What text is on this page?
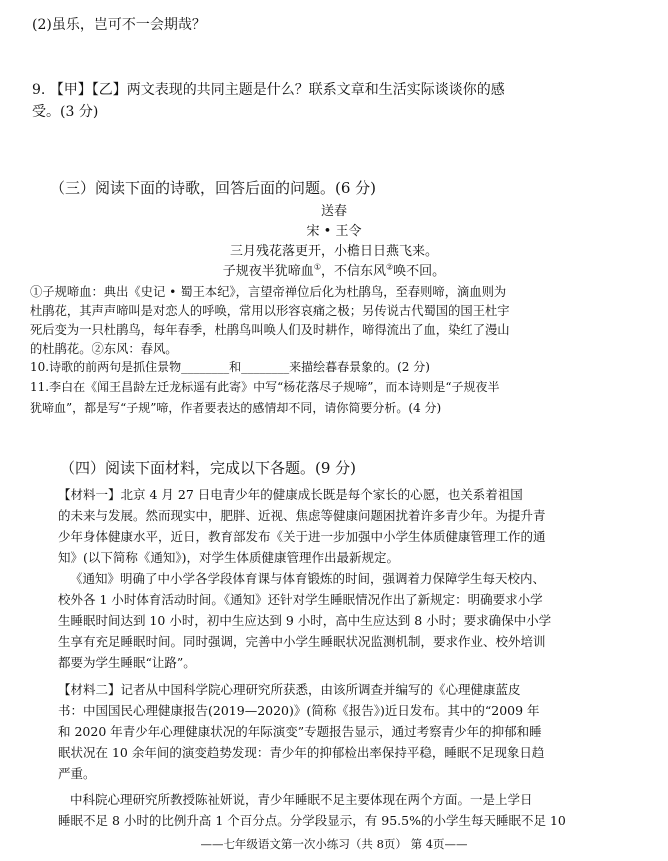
(2)虽乐，岂可不一会期哉？
9. 【甲】【乙】两文表现的共同主题是什么？联系文章和生活实际谈谈你的感
受。(3 分)
（三）阅读下面的诗歌，回答后面的问题。(6 分)
送春
宋 • 王令
三月残花落更开，小檐日日燕飞来。
子规夜半犹啼血①，不信东风②唤不回。
①子规啼血：典出《史记 • 蜀王本纪》，言望帝禅位后化为杜鹃鸟，至春则啼，滴血则为
杜鹃花，其声声啼叫是对恋人的呼唤，常用以形容哀痛之极；另传说古代蜀国的国王杜宇
死后变为一只杜鹃鸟，每年春季，杜鹃鸟叫唤人们及时耕作，啼得流出了血，染红了漫山
的杜鹃花。②东风：春风。
10.诗歌的前两句是抓住景物________和________来描绘暮春景象的。(2 分)
11.李白在《闻王昌龄左迁龙标遥有此寄》中写“杨花落尽子规啼”，而本诗则是“子规夜半
犹啼血”，都是写“子规”啼，作者要表达的感情却不同，请你简要分析。(4 分)
（四）阅读下面材料，完成以下各题。(9 分)
【材料一】北京 4 月 27 日电青少年的健康成长既是每个家长的心愿，也关系着祖国
的未来与发展。然而现实中，肥胖、近视、焦虑等健康问题困扰着许多青少年。为提升青
少年身体健康水平，近日，教育部发布《关于进一步加强中小学生体质健康管理工作的通
知》(以下简称《通知》)，对学生体质健康管理作出最新规定。
《通知》明确了中小学各学段体育课与体育锻炼的时间，强调着力保障学生每天校内、
校外各 1 小时体育活动时间。《通知》还针对学生睡眠情况作出了新规定：明确要求小学
生睡眠时间达到 10 小时，初中生应达到 9 小时，高中生应达到 8 小时；要求确保中小学
生享有充足睡眠时间。同时强调，完善中小学生睡眠状况监测机制，要求作业、校外培训
都要为学生睡眠“让路”。
【材料二】记者从中国科学院心理研究所获悉，由该所调查并编写的《心理健康蓝皮
书：中国国民心理健康报告(2019—2020)》(简称《报告》)近日发布。其中的“2009 年
和 2020 年青少年心理健康状况的年际演变”专题报告显示，通过考察青少年的抑郁和睡
眠状况在 10 余年间的演变趋势发现：青少年的抑郁检出率保持平稳，睡眠不足现象日趋
严重。
中科院心理研究所教授陈祉妍说，青少年睡眠不足主要体现在两个方面。一是上学日
睡眠不足 8 小时的比例升高 1 个百分点。分学段显示，有 95.5%的小学生每天睡眠不足 10
——七年级语文第一次小练习（共 8页） 第 4页——
